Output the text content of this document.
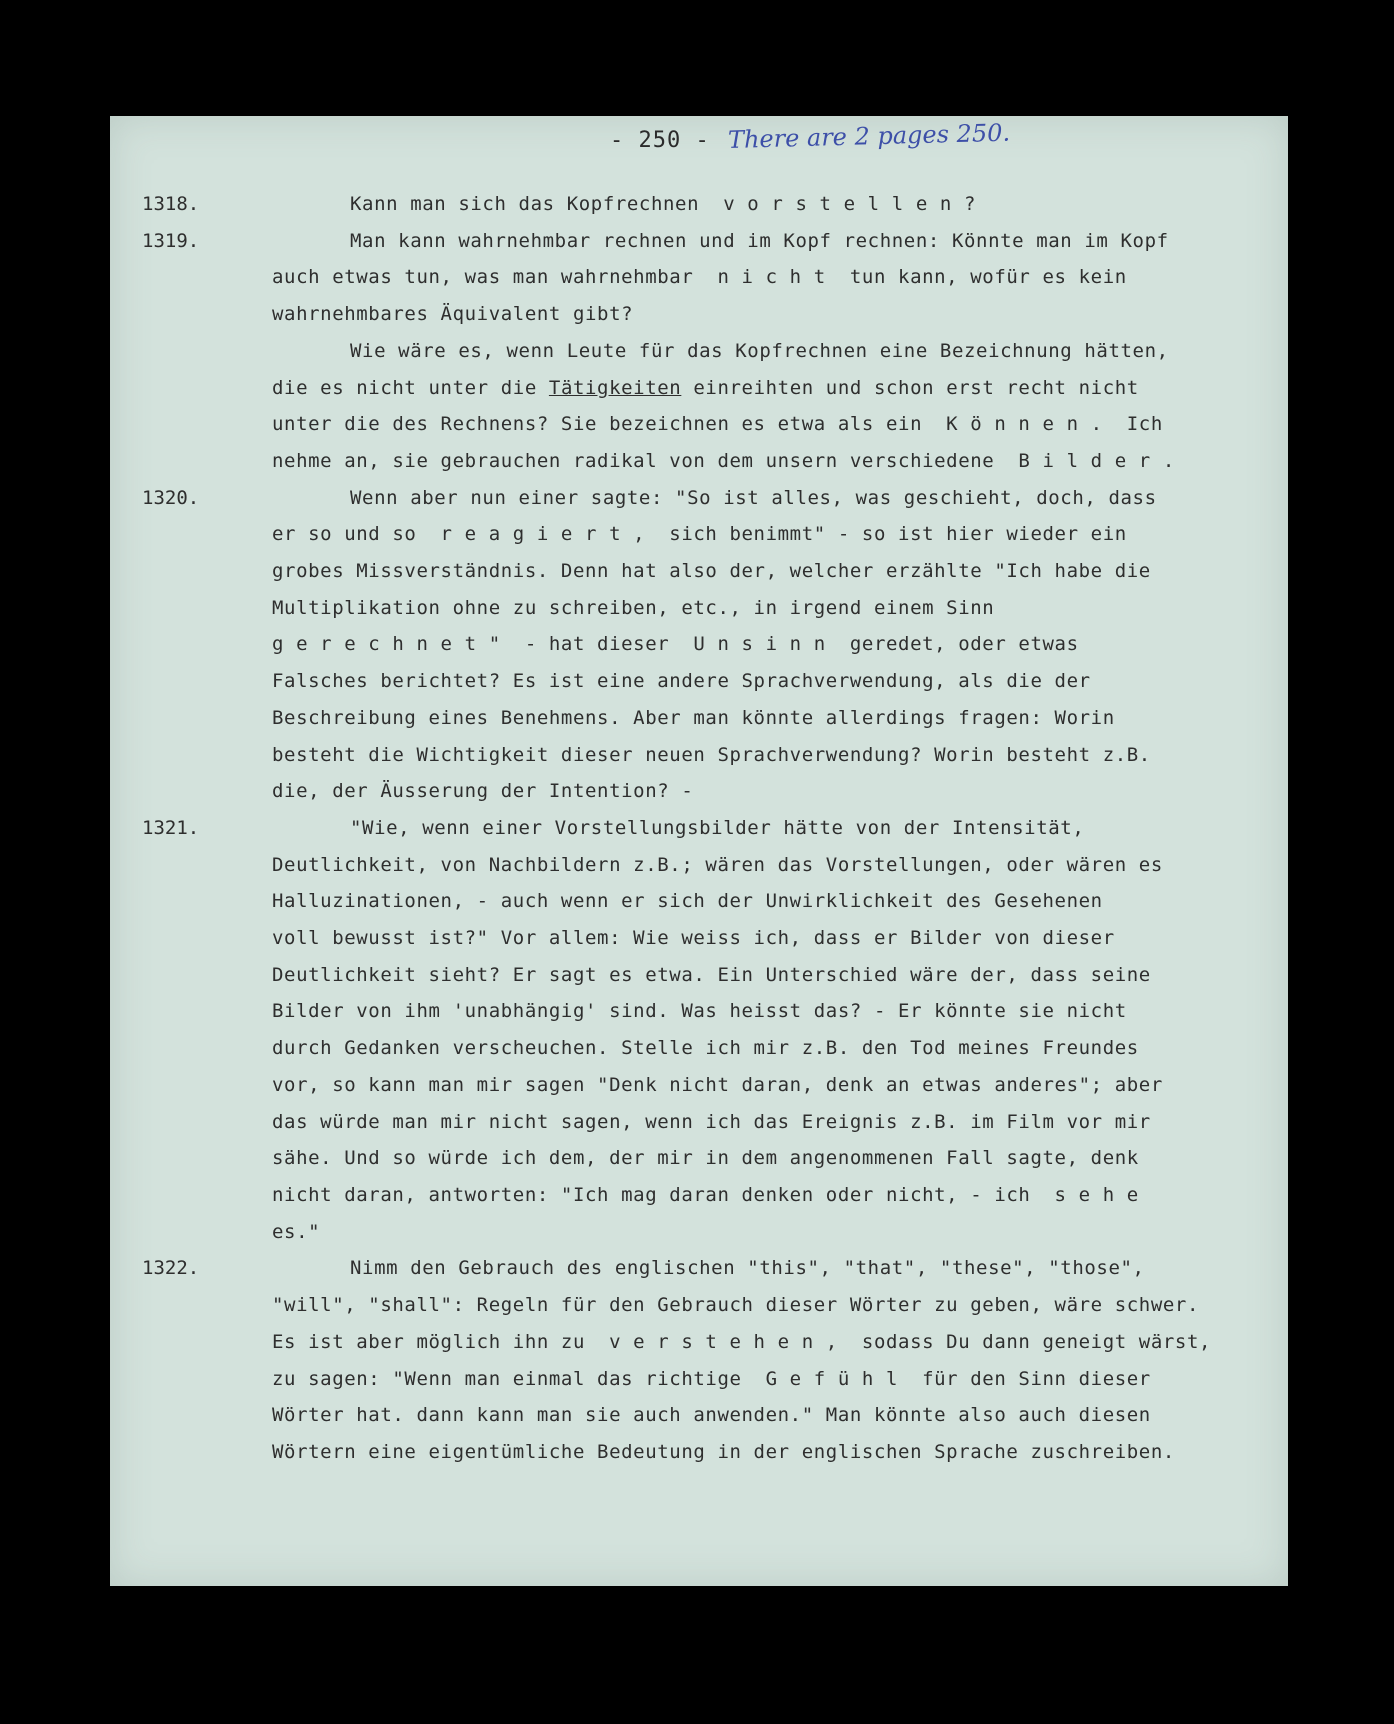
- 250 - There are 2 pages 250.
1318.	Kann man sich das Kopfrechnen  v o r s t e l l e n ?
1319.	Man kann wahrnehmbar rechnen und im Kopf rechnen: Könnte man im Kopf
auch etwas tun, was man wahrnehmbar  n i c h t  tun kann, wofür es kein
wahrnehmbares Äquivalent gibt?
Wie wäre es, wenn Leute für das Kopfrechnen eine Bezeichnung hätten,
die es nicht unter die Tätigkeiten einreihten und schon erst recht nicht
unter die des Rechnens? Sie bezeichnen es etwa als ein  K ö n n e n .  Ich
nehme an, sie gebrauchen radikal von dem unsern verschiedene  B i l d e r .
1320.	Wenn aber nun einer sagte: "So ist alles, was geschieht, doch, dass
er so und so  r e a g i e r t ,  sich benimmt" - so ist hier wieder ein
grobes Missverständnis. Denn hat also der, welcher erzählte "Ich habe die
Multiplikation ohne zu schreiben, etc., in irgend einem Sinn
g e r e c h n e t "  - hat dieser  U n s i n n  geredet, oder etwas
Falsches berichtet? Es ist eine andere Sprachverwendung, als die der
Beschreibung eines Benehmens. Aber man könnte allerdings fragen: Worin
besteht die Wichtigkeit dieser neuen Sprachverwendung? Worin besteht z.B.
die, der Äusserung der Intention? -
1321.	"Wie, wenn einer Vorstellungsbilder hätte von der Intensität,
Deutlichkeit, von Nachbildern z.B.; wären das Vorstellungen, oder wären es
Halluzinationen, - auch wenn er sich der Unwirklichkeit des Gesehenen
voll bewusst ist?" Vor allem: Wie weiss ich, dass er Bilder von dieser
Deutlichkeit sieht? Er sagt es etwa. Ein Unterschied wäre der, dass seine
Bilder von ihm 'unabhängig' sind. Was heisst das? - Er könnte sie nicht
durch Gedanken verscheuchen. Stelle ich mir z.B. den Tod meines Freundes
vor, so kann man mir sagen "Denk nicht daran, denk an etwas anderes"; aber
das würde man mir nicht sagen, wenn ich das Ereignis z.B. im Film vor mir
sähe. Und so würde ich dem, der mir in dem angenommenen Fall sagte, denk
nicht daran, antworten: "Ich mag daran denken oder nicht, - ich  s e h e
es."
1322.	Nimm den Gebrauch des englischen "this", "that", "these", "those",
"will", "shall": Regeln für den Gebrauch dieser Wörter zu geben, wäre schwer.
Es ist aber möglich ihn zu  v e r s t e h e n ,  sodass Du dann geneigt wärst,
zu sagen: "Wenn man einmal das richtige  G e f ü h l  für den Sinn dieser
Wörter hat. dann kann man sie auch anwenden." Man könnte also auch diesen
Wörtern eine eigentümliche Bedeutung in der englischen Sprache zuschreiben.
